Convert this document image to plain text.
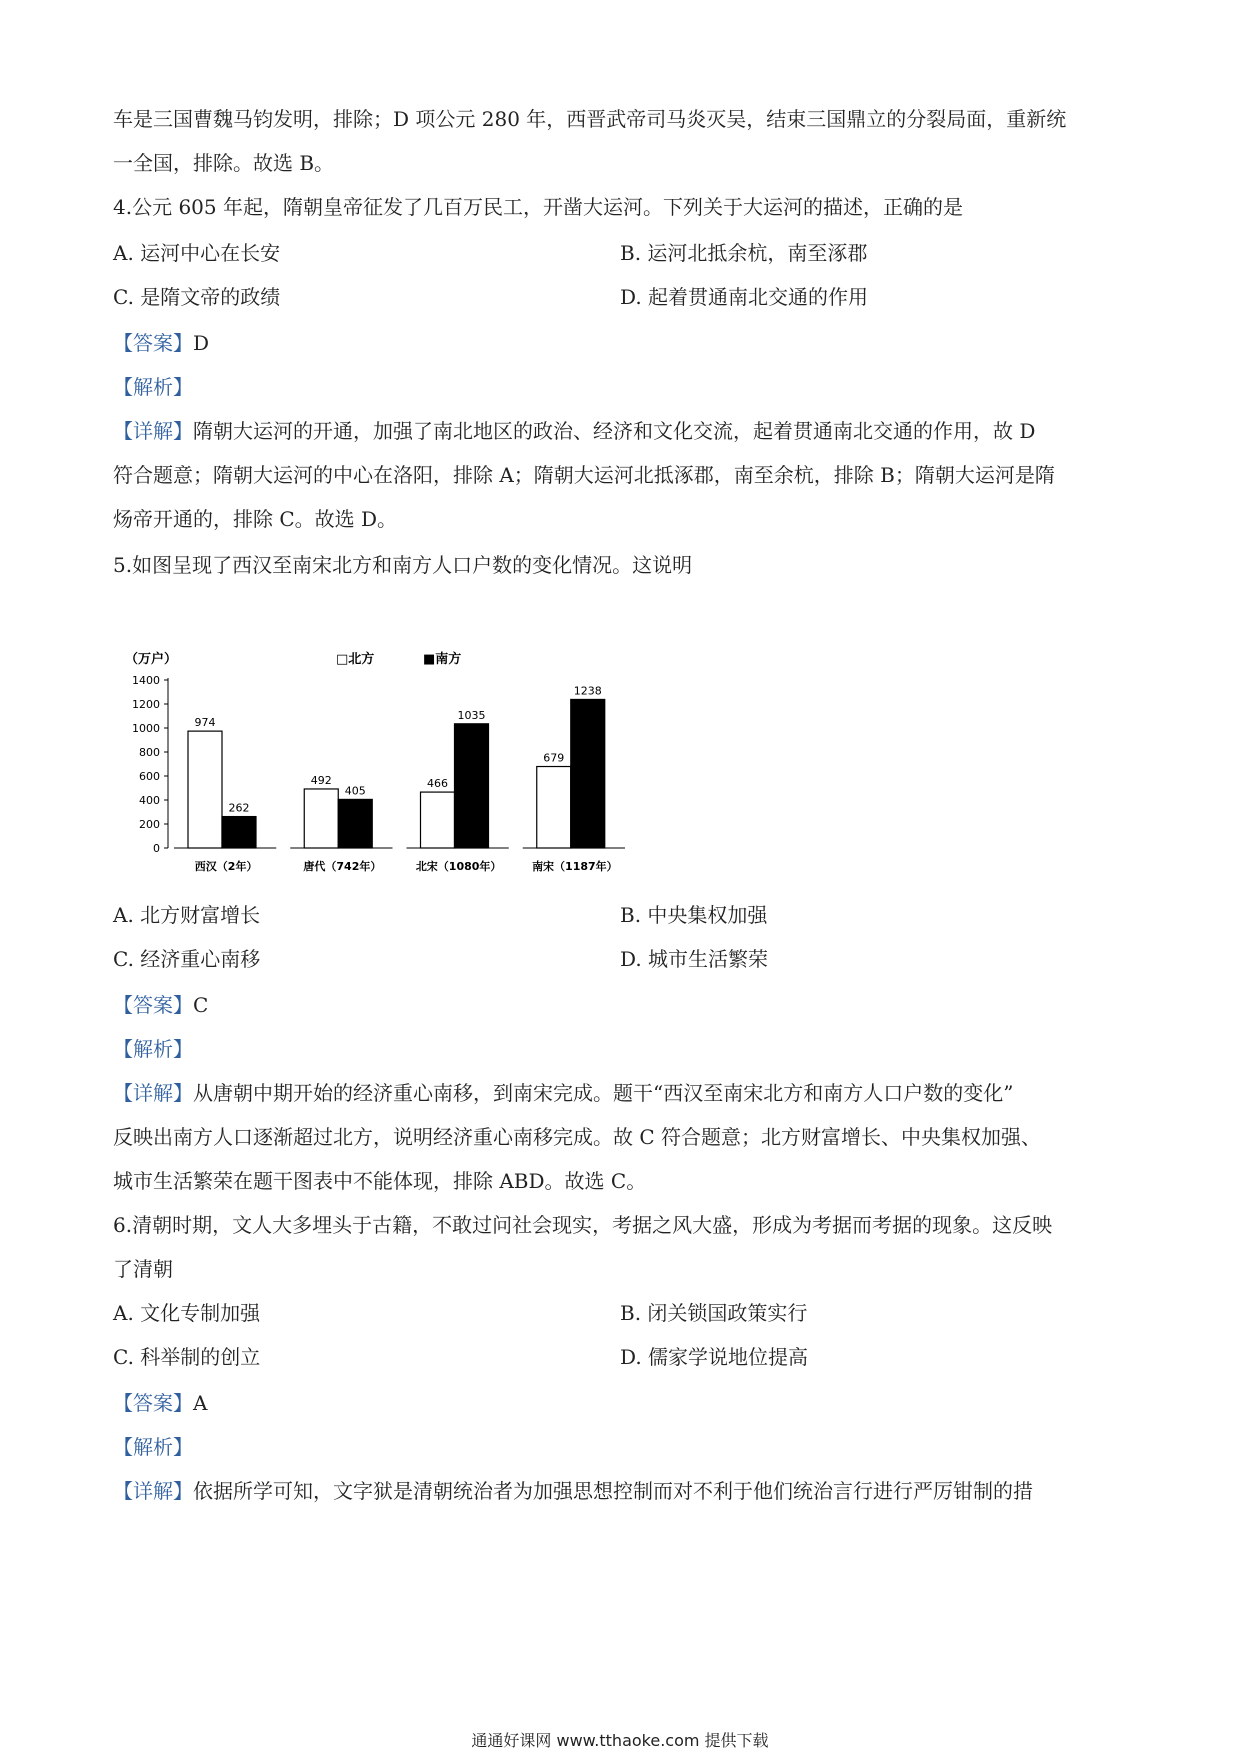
车是三国曹魏马钧发明，排除；D 项公元 280 年，西晋武帝司马炎灭吴，结束三国鼎立的分裂局面，重新统
一全国，排除。故选 B。
4.公元 605 年起，隋朝皇帝征发了几百万民工，开凿大运河。下列关于大运河的描述，正确的是
A. 运河中心在长安	B. 运河北抵余杭，南至涿郡
C. 是隋文帝的政绩	D. 起着贯通南北交通的作用
【答案】D
【解析】
【详解】隋朝大运河的开通，加强了南北地区的政治、经济和文化交流，起着贯通南北交通的作用，故 D
符合题意；隋朝大运河的中心在洛阳，排除 A；隋朝大运河北抵涿郡，南至余杭，排除 B；隋朝大运河是隋
炀帝开通的，排除 C。故选 D。
5.如图呈现了西汉至南宋北方和南方人口户数的变化情况。这说明
（万户）	□北方	■南方
1400
1200
1000
800
600
400
200
0
西汉（2年）	唐代（742年）	北宋（1080年）	南宋（1187年）
974
262
492
405
466
1035
679
1238
A. 北方财富增长	B. 中央集权加强
C. 经济重心南移	D. 城市生活繁荣
【答案】C
【解析】
【详解】从唐朝中期开始的经济重心南移，到南宋完成。题干“西汉至南宋北方和南方人口户数的变化”
反映出南方人口逐渐超过北方，说明经济重心南移完成。故 C 符合题意；北方财富增长、中央集权加强、
城市生活繁荣在题干图表中不能体现，排除 ABD。故选 C。
6.清朝时期，文人大多埋头于古籍，不敢过问社会现实，考据之风大盛，形成为考据而考据的现象。这反映
了清朝
A. 文化专制加强	B. 闭关锁国政策实行
C. 科举制的创立	D. 儒家学说地位提高
【答案】A
【解析】
【详解】依据所学可知，文字狱是清朝统治者为加强思想控制而对不利于他们统治言行进行严厉钳制的措
通通好课网 www.tthaoke.com 提供下载
